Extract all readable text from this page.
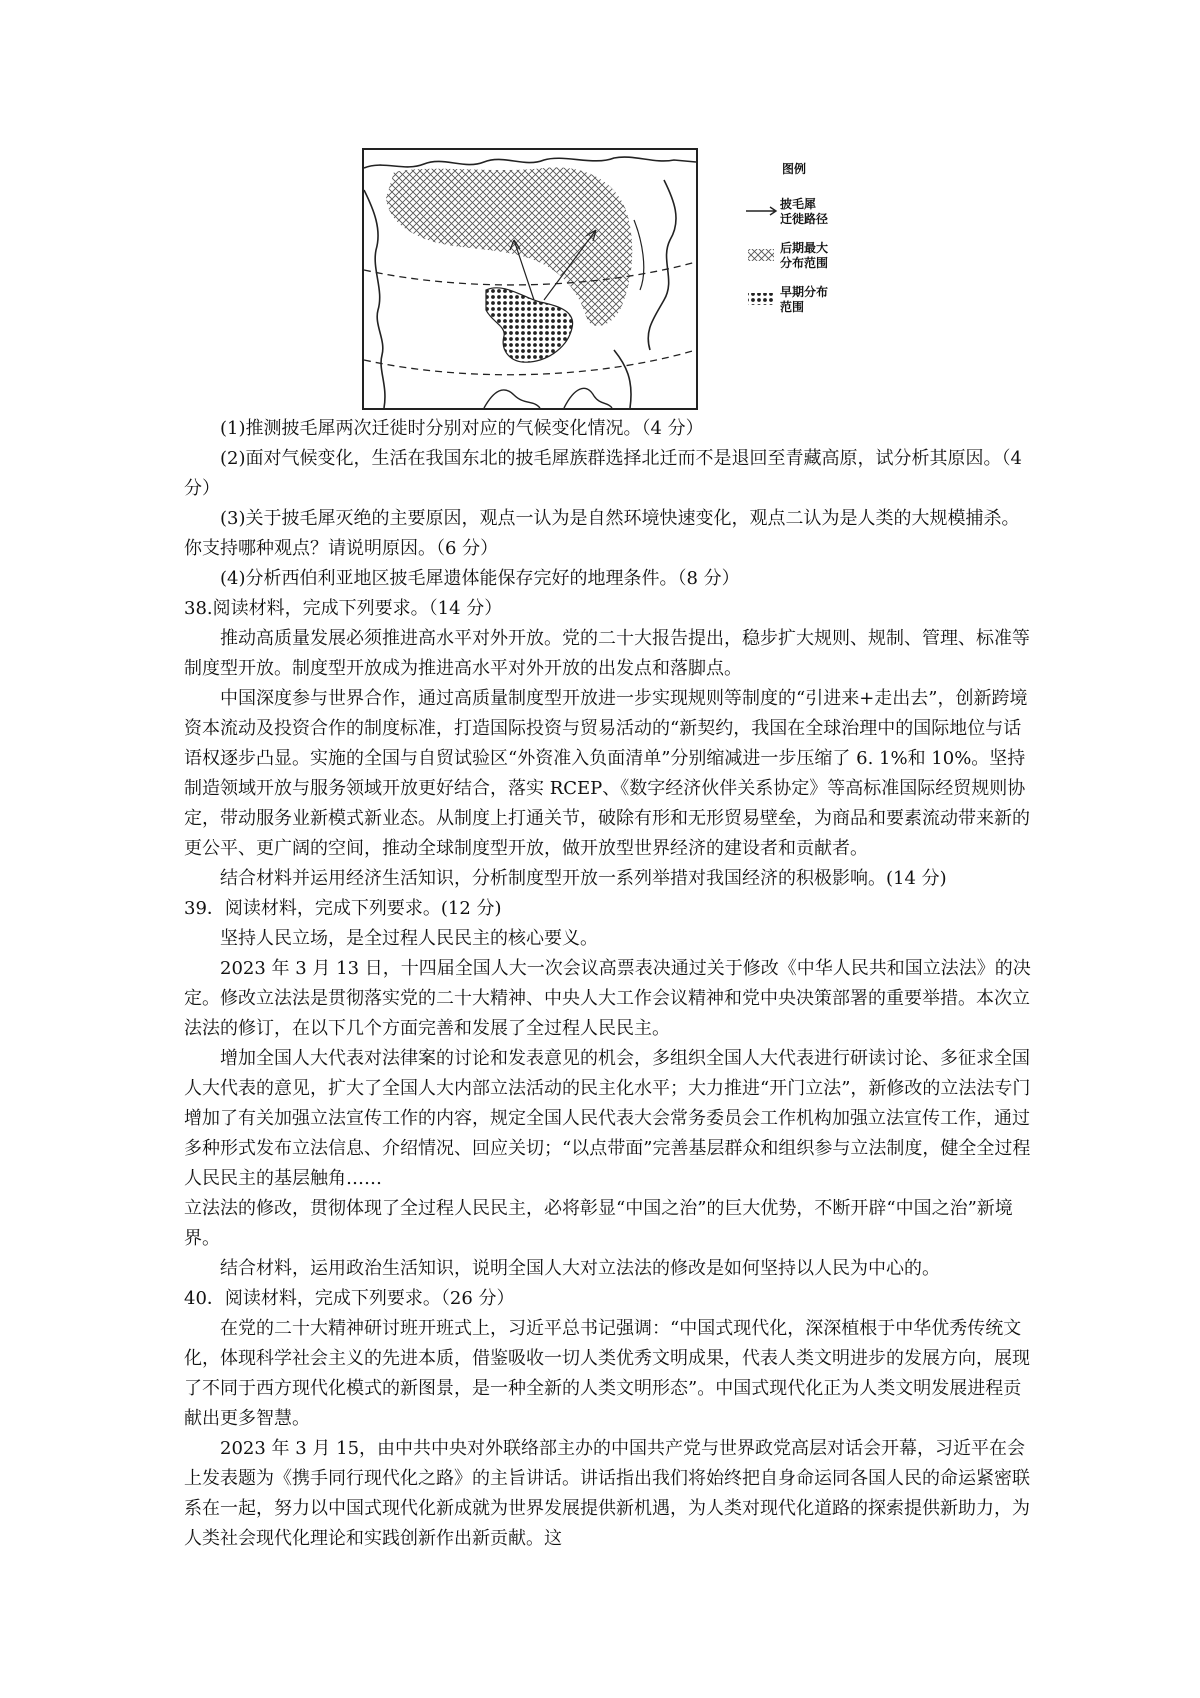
图例
披毛犀
迁徙路径
后期最大
分布范围
早期分布
范围

(1)推测披毛犀两次迁徙时分别对应的气候变化情况。（4 分）

(2)面对气候变化，生活在我国东北的披毛犀族群选择北迁而不是退回至青藏高原，试分析其原因。（4 分）

(3)关于披毛犀灭绝的主要原因，观点一认为是自然环境快速变化，观点二认为是人类的大规模捕杀。你支持哪种观点？请说明原因。（6 分）

(4)分析西伯利亚地区披毛犀遗体能保存完好的地理条件。（8 分）

38.阅读材料，完成下列要求。（14 分）

推动高质量发展必须推进高水平对外开放。党的二十大报告提出，稳步扩大规则、规制、管理、标准等制度型开放。制度型开放成为推进高水平对外开放的出发点和落脚点。

中国深度参与世界合作，通过高质量制度型开放进一步实现规则等制度的“引进来+走出去”，创新跨境资本流动及投资合作的制度标准，打造国际投资与贸易活动的“新契约，我国在全球治理中的国际地位与话语权逐步凸显。实施的全国与自贸试验区“外资准入负面清单”分别缩减进一步压缩了 6. 1%和 10%。坚持制造领域开放与服务领域开放更好结合，落实 RCEP、《数字经济伙伴关系协定》等高标准国际经贸规则协定，带动服务业新模式新业态。从制度上打通关节，破除有形和无形贸易壁垒，为商品和要素流动带来新的更公平、更广阔的空间，推动全球制度型开放，做开放型世界经济的建设者和贡献者。

结合材料并运用经济生活知识，分析制度型开放一系列举措对我国经济的积极影响。(14 分)

39．阅读材料，完成下列要求。(12 分)

坚持人民立场，是全过程人民民主的核心要义。

2023 年 3 月 13 日，十四届全国人大一次会议高票表决通过关于修改《中华人民共和国立法法》的决定。修改立法法是贯彻落实党的二十大精神、中央人大工作会议精神和党中央决策部署的重要举措。本次立法法的修订，在以下几个方面完善和发展了全过程人民民主。

增加全国人大代表对法律案的讨论和发表意见的机会，多组织全国人大代表进行研读讨论、多征求全国人大代表的意见，扩大了全国人大内部立法活动的民主化水平；大力推进“开门立法”，新修改的立法法专门增加了有关加强立法宣传工作的内容，规定全国人民代表大会常务委员会工作机构加强立法宣传工作，通过多种形式发布立法信息、介绍情况、回应关切；“以点带面”完善基层群众和组织参与立法制度，健全全过程人民民主的基层触角……

立法法的修改，贯彻体现了全过程人民民主，必将彰显“中国之治”的巨大优势，不断开辟“中国之治”新境界。

结合材料，运用政治生活知识，说明全国人大对立法法的修改是如何坚持以人民为中心的。

40．阅读材料，完成下列要求。（26 分）

在党的二十大精神研讨班开班式上，习近平总书记强调：“中国式现代化，深深植根于中华优秀传统文化，体现科学社会主义的先进本质，借鉴吸收一切人类优秀文明成果，代表人类文明进步的发展方向，展现了不同于西方现代化模式的新图景，是一种全新的人类文明形态”。中国式现代化正为人类文明发展进程贡献出更多智慧。

2023 年 3 月 15，由中共中央对外联络部主办的中国共产党与世界政党高层对话会开幕，习近平在会上发表题为《携手同行现代化之路》的主旨讲话。讲话指出我们将始终把自身命运同各国人民的命运紧密联系在一起，努力以中国式现代化新成就为世界发展提供新机遇，为人类对现代化道路的探索提供新助力，为人类社会现代化理论和实践创新作出新贡献。这
